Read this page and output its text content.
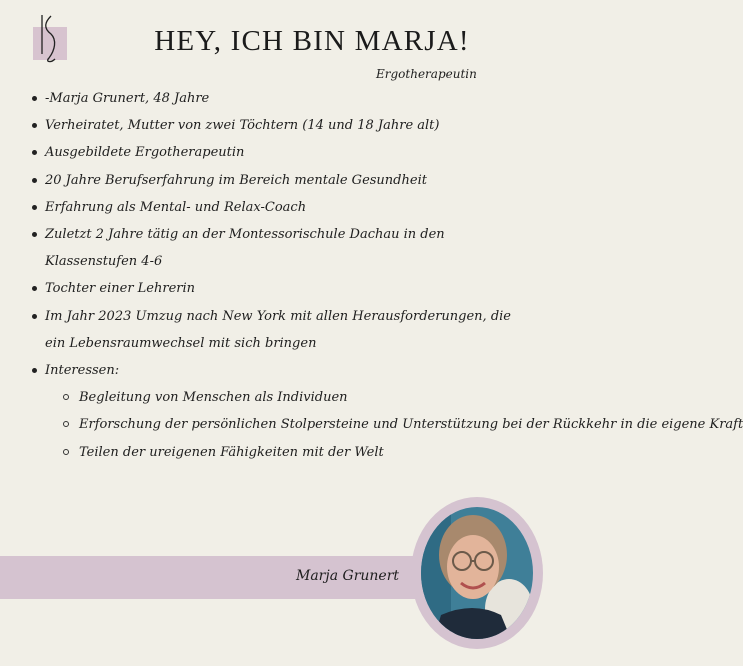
HEY, ICH BIN MARJA!
Ergotherapeutin
-Marja Grunert, 48 Jahre
Verheiratet, Mutter von zwei Töchtern (14 und 18 Jahre alt)
Ausgebildete Ergotherapeutin
20 Jahre Berufserfahrung im Bereich mentale Gesundheit
Erfahrung als Mental- und Relax-Coach
Zuletzt 2 Jahre tätig an der Montessorischule Dachau in den Klassenstufen 4-6
Tochter einer Lehrerin
Im Jahr 2023 Umzug nach New York mit allen Herausforderungen, die ein Lebensraumwechsel mit sich bringen
Interessen:
Begleitung von Menschen als Individuen
Erforschung der persönlichen Stolpersteine und Unterstützung bei der Rückkehr in die eigene Kraft
Teilen der ureigenen Fähigkeiten mit der Welt
Marja Grunert
